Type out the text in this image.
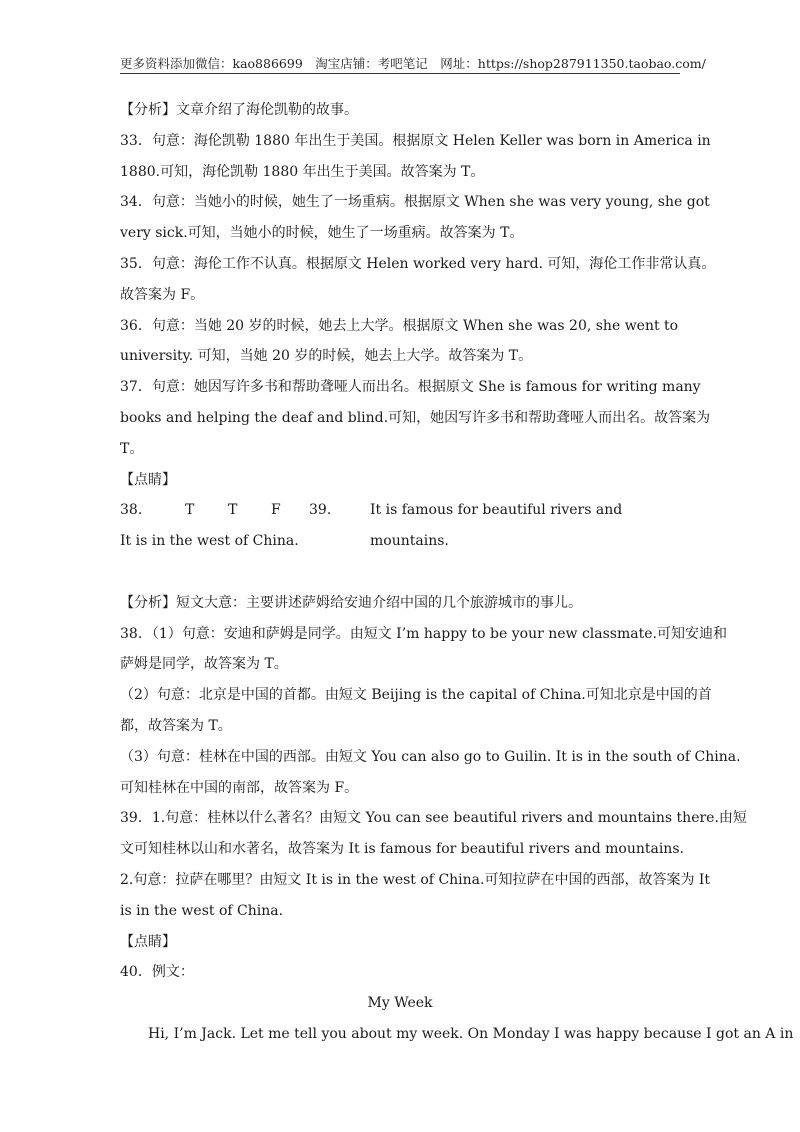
更多资料添加微信：kao886699　淘宝店铺：考吧笔记　网址：https://shop287911350.taobao.com/
【分析】文章介绍了海伦凯勒的故事。
33．句意：海伦凯勒 1880 年出生于美国。根据原文 Helen Keller was born in America in
1880.可知，海伦凯勒 1880 年出生于美国。故答案为 T。
34．句意：当她小的时候，她生了一场重病。根据原文 When she was very young, she got
very sick.可知，当她小的时候，她生了一场重病。故答案为 T。
35．句意：海伦工作不认真。根据原文 Helen worked very hard. 可知，海伦工作非常认真。
故答案为 F。
36．句意：当她 20 岁的时候，她去上大学。根据原文 When she was 20, she went to
university. 可知，当她 20 岁的时候，她去上大学。故答案为 T。
37．句意：她因写许多书和帮助聋哑人而出名。根据原文 She is famous for writing many
books and helping the deaf and blind.可知，她因写许多书和帮助聋哑人而出名。故答案为
T。
【点睛】
38.	T T F 39.	It is famous for beautiful rivers and mountains.
It is in the west of China.
【分析】短文大意：主要讲述萨姆给安迪介绍中国的几个旅游城市的事儿。
38．（1）句意：安迪和萨姆是同学。由短文 I’m happy to be your new classmate.可知安迪和
萨姆是同学，故答案为 T。
（2）句意：北京是中国的首都。由短文 Beijing is the capital of China.可知北京是中国的首
都，故答案为 T。
（3）句意：桂林在中国的西部。由短文 You can also go to Guilin. It is in the south of China.
可知桂林在中国的南部，故答案为 F。
39．1.句意：桂林以什么著名？由短文 You can see beautiful rivers and mountains there.由短
文可知桂林以山和水著名，故答案为 It is famous for beautiful rivers and mountains.
2.句意：拉萨在哪里？由短文 It is in the west of China.可知拉萨在中国的西部，故答案为 It
is in the west of China.
【点睛】
40．例文：
My Week
Hi, I’m Jack. Let me tell you about my week. On Monday I was happy because I got an A in
